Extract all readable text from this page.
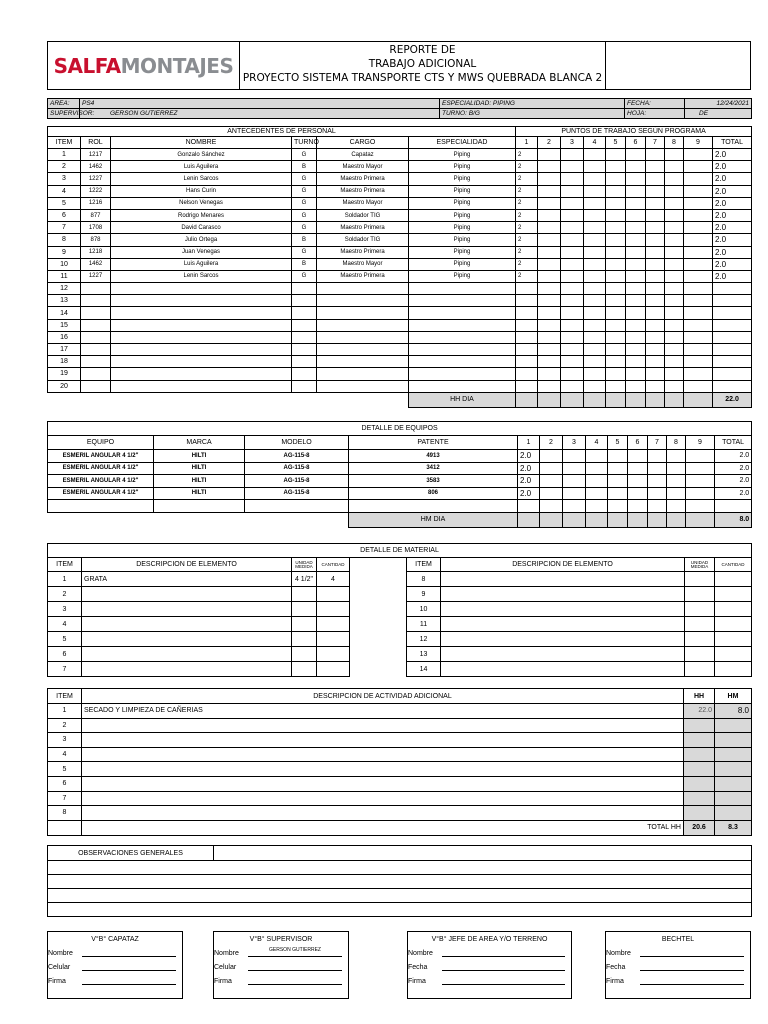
SALFAMONTAJES
REPORTE DE
TRABAJO ADICIONAL
PROYECTO SISTEMA TRANSPORTE CTS Y MWS QUEBRADA BLANCA 2
AREA:	PS4	ESPECIALIDAD: PIPING	FECHA:	12/24/2021
SUPERVISOR:	GERSON GUTIERREZ	TURNO: B/G	HOJA:	DE
ANTECEDENTES DE PERSONAL						PUNTOS DE TRABAJO SEGÚN PROGRAMA									
ITEM	ROL	NOMBRE	TURNO	CARGO	ESPECIALIDAD	1	2	3	4	5	6	7	8	9	TOTAL
1	1217	Gonzalo Sánchez	G	Capataz	Piping	2									2.0
2	1462	Luis Aguilera	B	Maestro Mayor	Piping	2									2.0
3	1227	Lenin Sarcos	G	Maestro Primera	Piping	2									2.0
4	1222	Hans Curin	G	Maestro Primera	Piping	2									2.0
5	1216	Nelson Venegas	G	Maestro Mayor	Piping	2									2.0
6	877	Rodrigo Menares	G	Soldador TIG	Piping	2									2.0
7	1708	David Carasco	G	Maestro Primera	Piping	2									2.0
8	878	Julio Ortega	B	Soldador TIG	Piping	2									2.0
9	1218	Juan Venegas	G	Maestro Primera	Piping	2									2.0
10	1462	Luis Aguilera	B	Maestro Mayor	Piping	2									2.0
11	1227	Lenin Sarcos	G	Maestro Primera	Piping	2									2.0
12															
13															
14															
15															
16															
17															
18															
19															
20															
					HH DIA										22.0
DETALLE DE EQUIPOS													
EQUIPO	MARCA	MODELO	PATENTE	1	2	3	4	5	6	7	8	9	TOTAL
ESMERIL ANGULAR 4 1/2"	HILTI	AG-115-8	4913	2.0									2.0
ESMERIL ANGULAR 4 1/2"	HILTI	AG-115-8	3412	2.0									2.0
ESMERIL ANGULAR 4 1/2"	HILTI	AG-115-8	3583	2.0									2.0
ESMERIL ANGULAR 4 1/2"	HILTI	AG-115-8	806	2.0									2.0

			HM DIA										8.0
DETALLE DE MATERIAL								
ITEM	DESCRIPCION DE ELEMENTO	UNIDAD MEDIDA	CANTIDAD		ITEM	DESCRIPCION DE ELEMENTO	UNIDAD MEDIDA	CANTIDAD
1	GRATA	4 1/2"	4		8			
2					9			
3					10			
4					11			
5					12			
6					13			
7					14			
ITEM	DESCRIPCION DE ACTIVIDAD ADICIONAL	HH	HM
1	SECADO Y LIMPIEZA DE CAÑERIAS	22.0	8.0
2			
3			
4			
5			
6			
7			
8			
	TOTAL HH	20.6	8.3
OBSERVACIONES GENERALES	

V°B° CAPATAZ
Nombre
Celular
Firma
V°B° SUPERVISOR
Nombre	GERSON GUTIERREZ
Celular
Firma
V°B° JEFE DE AREA Y/O TERRENO
Nombre
Fecha
Firma
BECHTEL
Nombre
Fecha
Firma
